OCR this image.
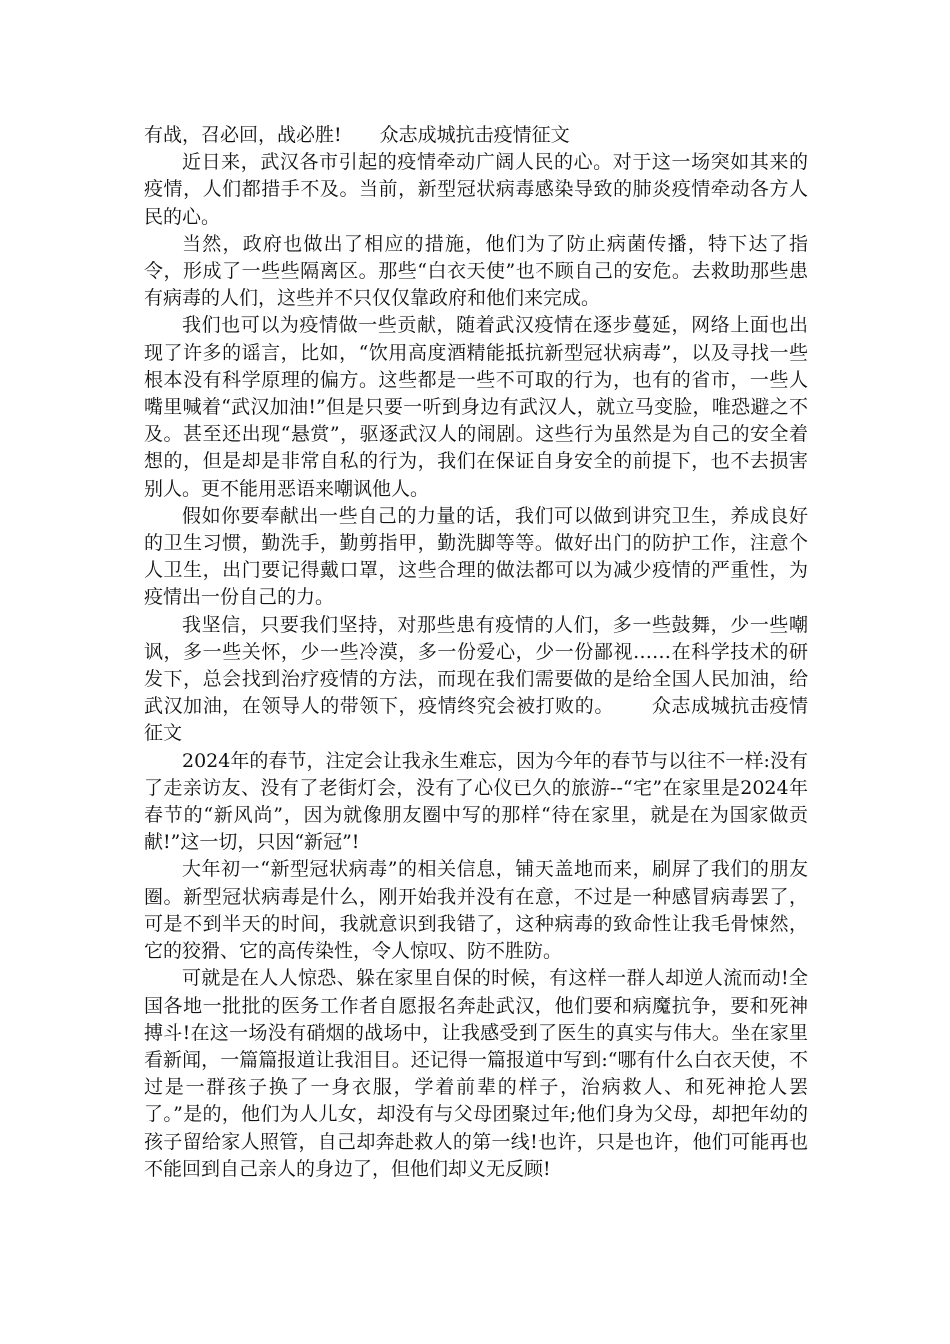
有战，召必回，战必胜! 众志成城抗击疫情征文

近日来，武汉各市引起的疫情牵动广阔人民的心。对于这一场突如其来的疫情，人们都措手不及。当前，新型冠状病毒感染导致的肺炎疫情牵动各方人民的心。

当然，政府也做出了相应的措施，他们为了防止病菌传播，特下达了指令，形成了一些些隔离区。那些“白衣天使”也不顾自己的安危。去救助那些患有病毒的人们，这些并不只仅仅靠政府和他们来完成。

我们也可以为疫情做一些贡献，随着武汉疫情在逐步蔓延，网络上面也出现了许多的谣言，比如，“饮用高度酒精能抵抗新型冠状病毒”，以及寻找一些根本没有科学原理的偏方。这些都是一些不可取的行为，也有的省市，一些人嘴里喊着“武汉加油!”但是只要一听到身边有武汉人，就立马变脸，唯恐避之不及。甚至还出现“悬赏”，驱逐武汉人的闹剧。这些行为虽然是为自己的安全着想的，但是却是非常自私的行为，我们在保证自身安全的前提下，也不去损害别人。更不能用恶语来嘲讽他人。

假如你要奉献出一些自己的力量的话，我们可以做到讲究卫生，养成良好的卫生习惯，勤洗手，勤剪指甲，勤洗脚等等。做好出门的防护工作，注意个人卫生，出门要记得戴口罩，这些合理的做法都可以为减少疫情的严重性，为疫情出一份自己的力。

我坚信，只要我们坚持，对那些患有疫情的人们，多一些鼓舞，少一些嘲讽，多一些关怀，少一些冷漠，多一份爱心，少一份鄙视……在科学技术的研发下，总会找到治疗疫情的方法，而现在我们需要做的是给全国人民加油，给武汉加油，在领导人的带领下，疫情终究会被打败的。 众志成城抗击疫情征文

2024年的春节，注定会让我永生难忘，因为今年的春节与以往不一样:没有了走亲访友、没有了老街灯会，没有了心仪已久的旅游--“宅”在家里是2024年春节的“新风尚”，因为就像朋友圈中写的那样“待在家里，就是在为国家做贡献!”这一切，只因“新冠”!

大年初一“新型冠状病毒”的相关信息，铺天盖地而来，刷屏了我们的朋友圈。新型冠状病毒是什么，刚开始我并没有在意，不过是一种感冒病毒罢了，可是不到半天的时间，我就意识到我错了，这种病毒的致命性让我毛骨悚然，它的狡猾、它的高传染性，令人惊叹、防不胜防。

可就是在人人惊恐、躲在家里自保的时候，有这样一群人却逆人流而动!全国各地一批批的医务工作者自愿报名奔赴武汉，他们要和病魔抗争，要和死神搏斗!在这一场没有硝烟的战场中，让我感受到了医生的真实与伟大。坐在家里看新闻，一篇篇报道让我泪目。还记得一篇报道中写到:“哪有什么白衣天使，不过是一群孩子换了一身衣服，学着前辈的样子，治病救人、和死神抢人罢了。”是的，他们为人儿女，却没有与父母团聚过年;他们身为父母，却把年幼的孩子留给家人照管，自己却奔赴救人的第一线!也许，只是也许，他们可能再也不能回到自己亲人的身边了，但他们却义无反顾!
